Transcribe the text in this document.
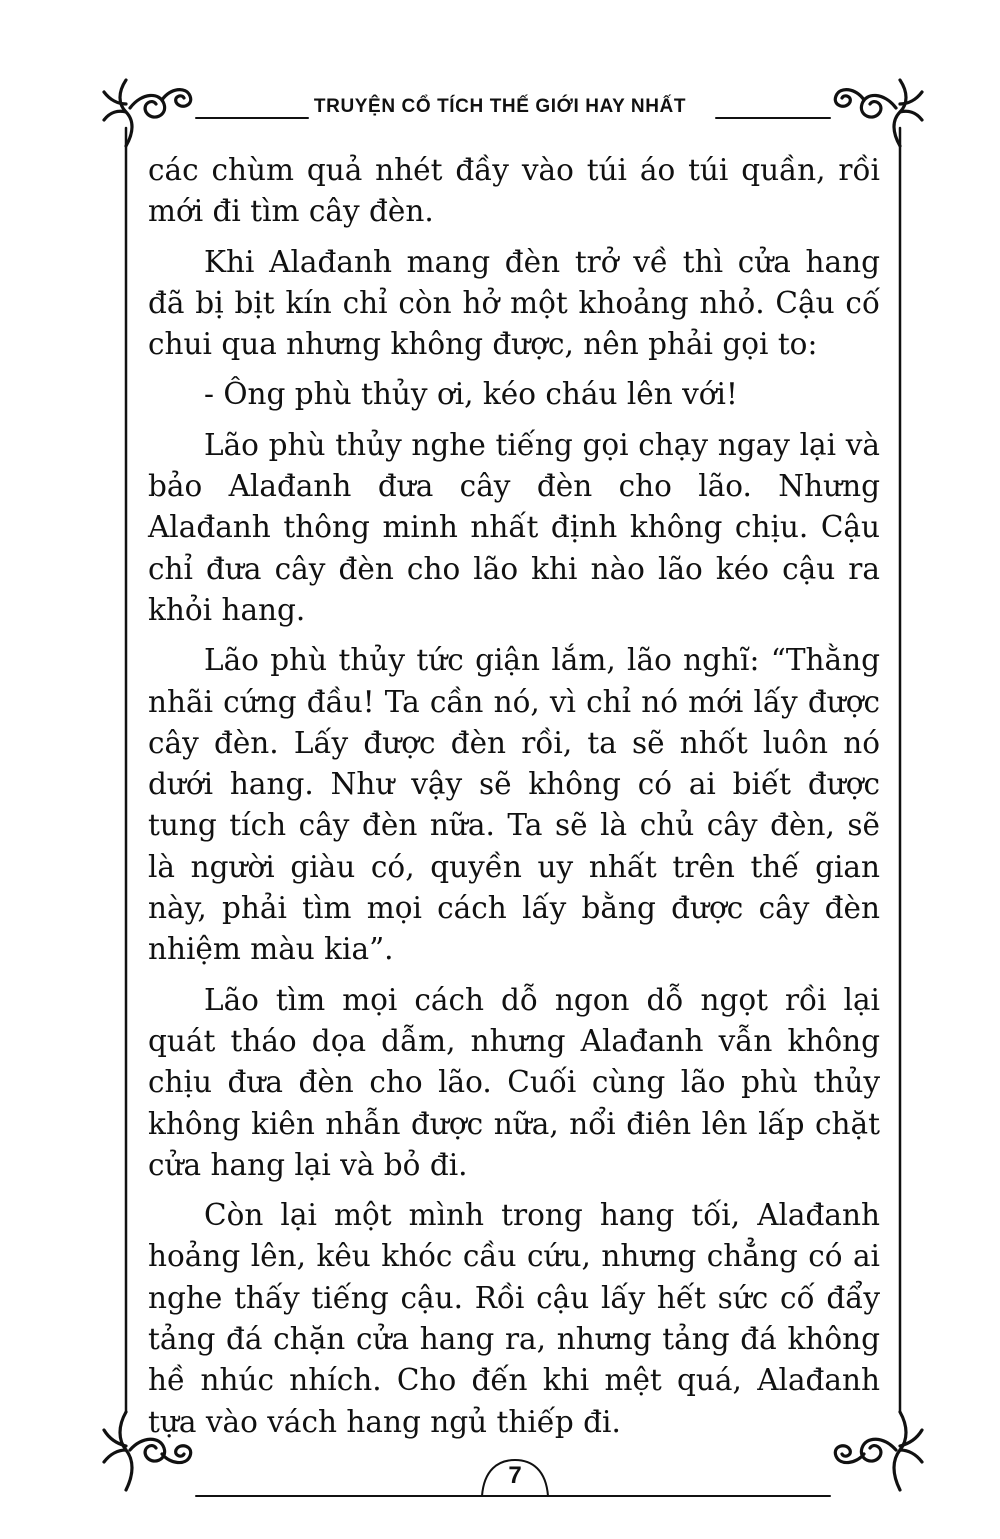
TRUYỆN CỔ TÍCH THẾ GIỚI HAY NHẤT

các chùm quả nhét đầy vào túi áo túi quần, rồi mới đi tìm cây đèn.

Khi Alađanh mang đèn trở về thì cửa hang đã bị bịt kín chỉ còn hở một khoảng nhỏ. Cậu cố chui qua nhưng không được, nên phải gọi to:

- Ông phù thủy ơi, kéo cháu lên với!

Lão phù thủy nghe tiếng gọi chạy ngay lại và bảo Alađanh đưa cây đèn cho lão. Nhưng Alađanh thông minh nhất định không chịu. Cậu chỉ đưa cây đèn cho lão khi nào lão kéo cậu ra khỏi hang.

Lão phù thủy tức giận lắm, lão nghĩ: “Thằng nhãi cứng đầu! Ta cần nó, vì chỉ nó mới lấy được cây đèn. Lấy được đèn rồi, ta sẽ nhốt luôn nó dưới hang. Như vậy sẽ không có ai biết được tung tích cây đèn nữa. Ta sẽ là chủ cây đèn, sẽ là người giàu có, quyền uy nhất trên thế gian này, phải tìm mọi cách lấy bằng được cây đèn nhiệm màu kia”.

Lão tìm mọi cách dỗ ngon dỗ ngọt rồi lại quát tháo dọa dẫm, nhưng Alađanh vẫn không chịu đưa đèn cho lão. Cuối cùng lão phù thủy không kiên nhẫn được nữa, nổi điên lên lấp chặt cửa hang lại và bỏ đi.

Còn lại một mình trong hang tối, Alađanh hoảng lên, kêu khóc cầu cứu, nhưng chẳng có ai nghe thấy tiếng cậu. Rồi cậu lấy hết sức cố đẩy tảng đá chặn cửa hang ra, nhưng tảng đá không hề nhúc nhích. Cho đến khi mệt quá, Alađanh tựa vào vách hang ngủ thiếp đi.

7
